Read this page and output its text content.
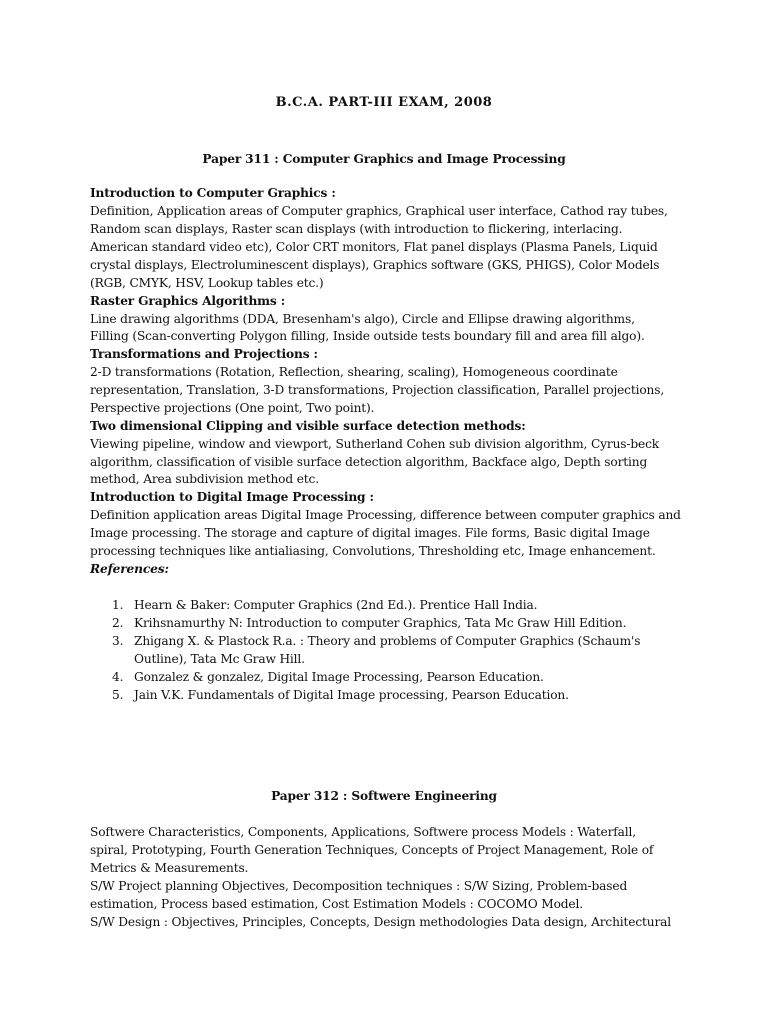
B.C.A. PART-III EXAM, 2008
Paper 311 : Computer Graphics and Image Processing
Introduction to Computer Graphics :
Definition, Application areas of Computer graphics, Graphical user interface, Cathod ray tubes,
Random scan displays, Raster scan displays (with introduction to flickering, interlacing.
American standard video etc), Color CRT monitors, Flat panel displays (Plasma Panels, Liquid
crystal displays, Electroluminescent displays), Graphics software (GKS, PHIGS), Color Models
(RGB, CMYK, HSV, Lookup tables etc.)
Raster Graphics Algorithms :
Line drawing algorithms (DDA, Bresenham's algo), Circle and Ellipse drawing algorithms,
Filling (Scan-converting Polygon filling, Inside outside tests boundary fill and area fill algo).
Transformations and Projections :
2-D transformations (Rotation, Reflection, shearing, scaling), Homogeneous coordinate
representation, Translation, 3-D transformations, Projection classification, Parallel projections,
Perspective projections (One point, Two point).
Two dimensional Clipping and visible surface detection methods:
Viewing pipeline, window and viewport, Sutherland Cohen sub division algorithm, Cyrus-beck
algorithm, classification of visible surface detection algorithm, Backface algo, Depth sorting
method, Area subdivision method etc.
Introduction to Digital Image Processing :
Definition application areas Digital Image Processing, difference between computer graphics and
Image processing. The storage and capture of digital images. File forms, Basic digital Image
processing techniques like antialiasing, Convolutions, Thresholding etc, Image enhancement.
References:
1. Hearn & Baker: Computer Graphics (2nd Ed.). Prentice Hall India.
2. Krihsnamurthy N: Introduction to computer Graphics, Tata Mc Graw Hill Edition.
3. Zhigang X. & Plastock R.a. : Theory and problems of Computer Graphics (Schaum's
Outline), Tata Mc Graw Hill.
4. Gonzalez & gonzalez, Digital Image Processing, Pearson Education.
5. Jain V.K. Fundamentals of Digital Image processing, Pearson Education.
Paper 312 : Softwere Engineering
Softwere Characteristics, Components, Applications, Softwere process Models : Waterfall,
spiral, Prototyping, Fourth Generation Techniques, Concepts of Project Management, Role of
Metrics & Measurements.
S/W Project planning Objectives, Decomposition techniques : S/W Sizing, Problem-based
estimation, Process based estimation, Cost Estimation Models : COCOMO Model.
S/W Design : Objectives, Principles, Concepts, Design methodologies Data design, Architectural
